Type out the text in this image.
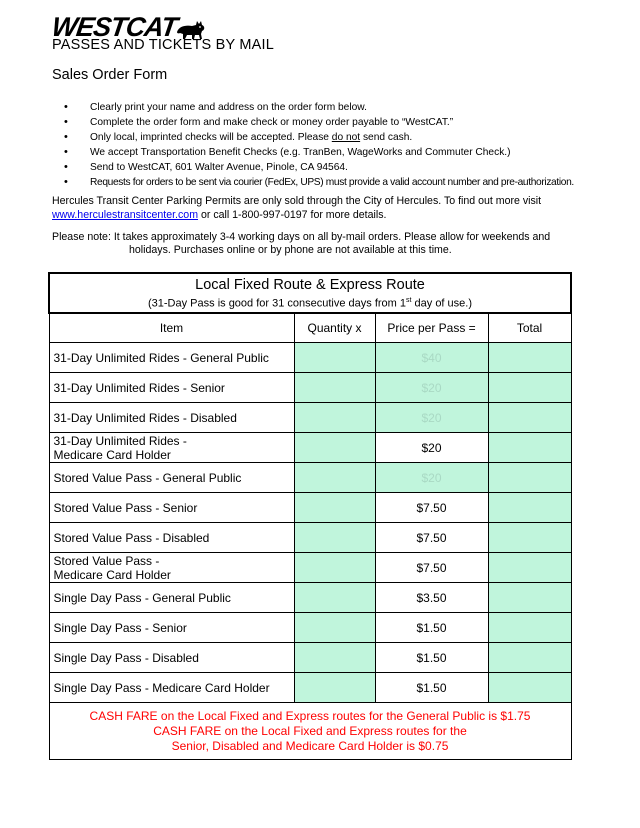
WESTCAT
PASSES AND TICKETS BY MAIL
Sales Order Form
• Clearly print your name and address on the order form below.
• Complete the order form and make check or money order payable to “WestCAT.”
• Only local, imprinted checks will be accepted. Please do not send cash.
• We accept Transportation Benefit Checks (e.g. TranBen, WageWorks and Commuter Check.)
• Send to WestCAT, 601 Walter Avenue, Pinole, CA 94564.
• Requests for orders to be sent via courier (FedEx, UPS) must provide a valid account number and pre-authorization.
Hercules Transit Center Parking Permits are only sold through the City of Hercules. To find out more visit
www.herculestransitcenter.com or call 1-800-997-0197 for more details.
Please note: It takes approximately 3-4 working days on all by-mail orders. Please allow for weekends and
holidays. Purchases online or by phone are not available at this time.
Local Fixed Route & Express Route
(31-Day Pass is good for 31 consecutive days from 1st day of use.)			

Item	Quantity x	Price per Pass =	Total
31-Day Unlimited Rides - General Public		$40	
31-Day Unlimited Rides - Senior		$20	
31-Day Unlimited Rides - Disabled		$20	

31-Day Unlimited Rides -
Medicare Card Holder		$20	
Stored Value Pass - General Public		$20	
Stored Value Pass - Senior		$7.50	
Stored Value Pass - Disabled		$7.50	

Stored Value Pass -
Medicare Card Holder		$7.50	
Single Day Pass - General Public		$3.50	
Single Day Pass - Senior		$1.50	
Single Day Pass - Disabled		$1.50	
Single Day Pass - Medicare Card Holder		$1.50	

CASH FARE on the Local Fixed and Express routes for the General Public is $1.75
CASH FARE on the Local Fixed and Express routes for the
Senior, Disabled and Medicare Card Holder is $0.75			
